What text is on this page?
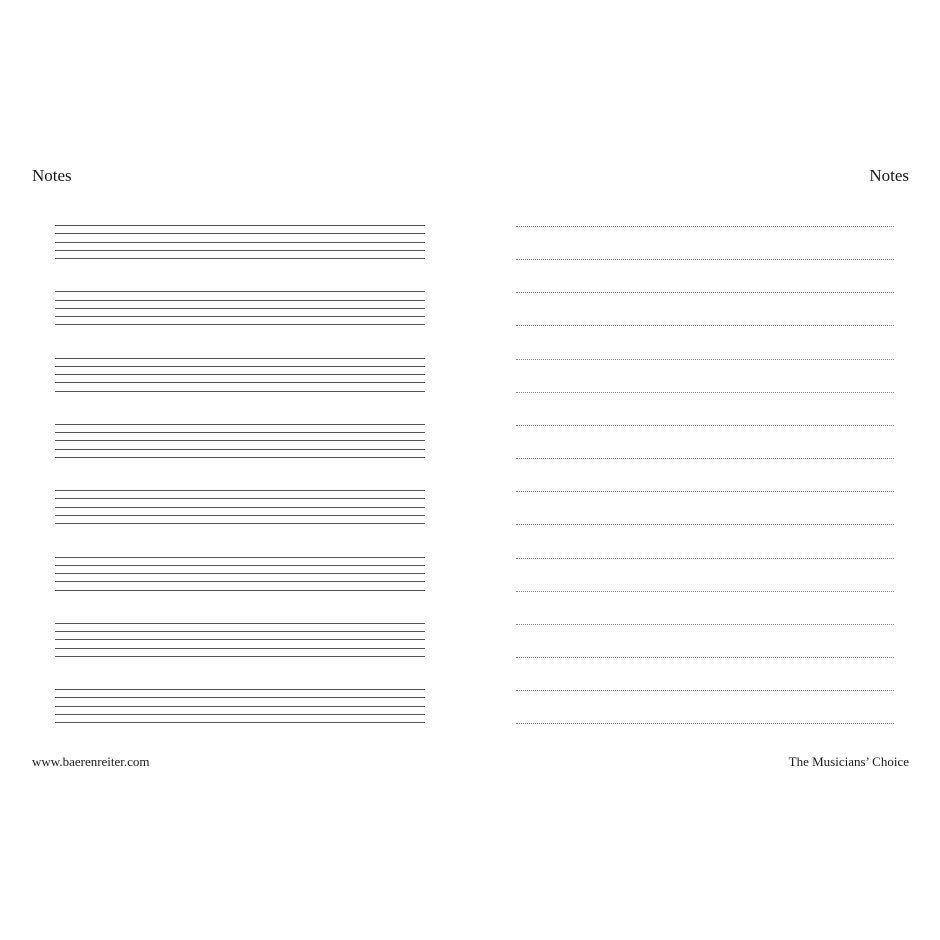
Notes

www.baerenreiter.com

Notes

The Musicians’ Choice
